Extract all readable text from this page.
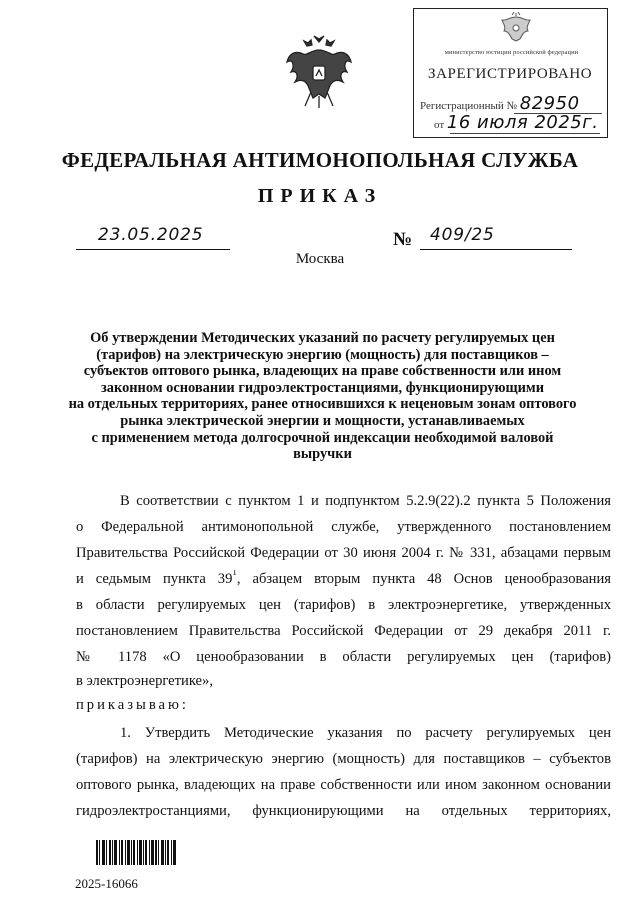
министерство юстиции российской федерации
ЗАРЕГИСТРИРОВАНО
Регистрационный № 82950
от 16 июля 2025г.
ФЕДЕРАЛЬНАЯ АНТИМОНОПОЛЬНАЯ СЛУЖБА
ПРИКАЗ
23.05.2025	№ 409/25
Москва
Об утверждении Методических указаний по расчету регулируемых цен
(тарифов) на электрическую энергию (мощность) для поставщиков –
субъектов оптового рынка, владеющих на праве собственности или ином
законном основании гидроэлектростанциями, функционирующими
на отдельных территориях, ранее относившихся к неценовым зонам оптового
рынка электрической энергии и мощности, устанавливаемых
с применением метода долгосрочной индексации необходимой валовой
выручки
В соответствии с пунктом 1 и подпунктом 5.2.9(22).2 пункта 5 Положения
о Федеральной антимонопольной службе, утвержденного постановлением
Правительства Российской Федерации от 30 июня 2004 г. № 331, абзацами первым
и седьмым пункта $39^1$, абзацем вторым пункта 48 Основ ценообразования
в области регулируемых цен (тарифов) в электроэнергетике, утвержденных
постановлением Правительства Российской Федерации от 29 декабря 2011 г.
№ 1178 «О ценообразовании в области регулируемых цен (тарифов)
в электроэнергетике»,
приказываю:
1. Утвердить Методические указания по расчету регулируемых цен
(тарифов) на электрическую энергию (мощность) для поставщиков – субъектов
оптового рынка, владеющих на праве собственности или ином законном основании
гидроэлектростанциями, функционирующими на отдельных территориях,
2025-16066
